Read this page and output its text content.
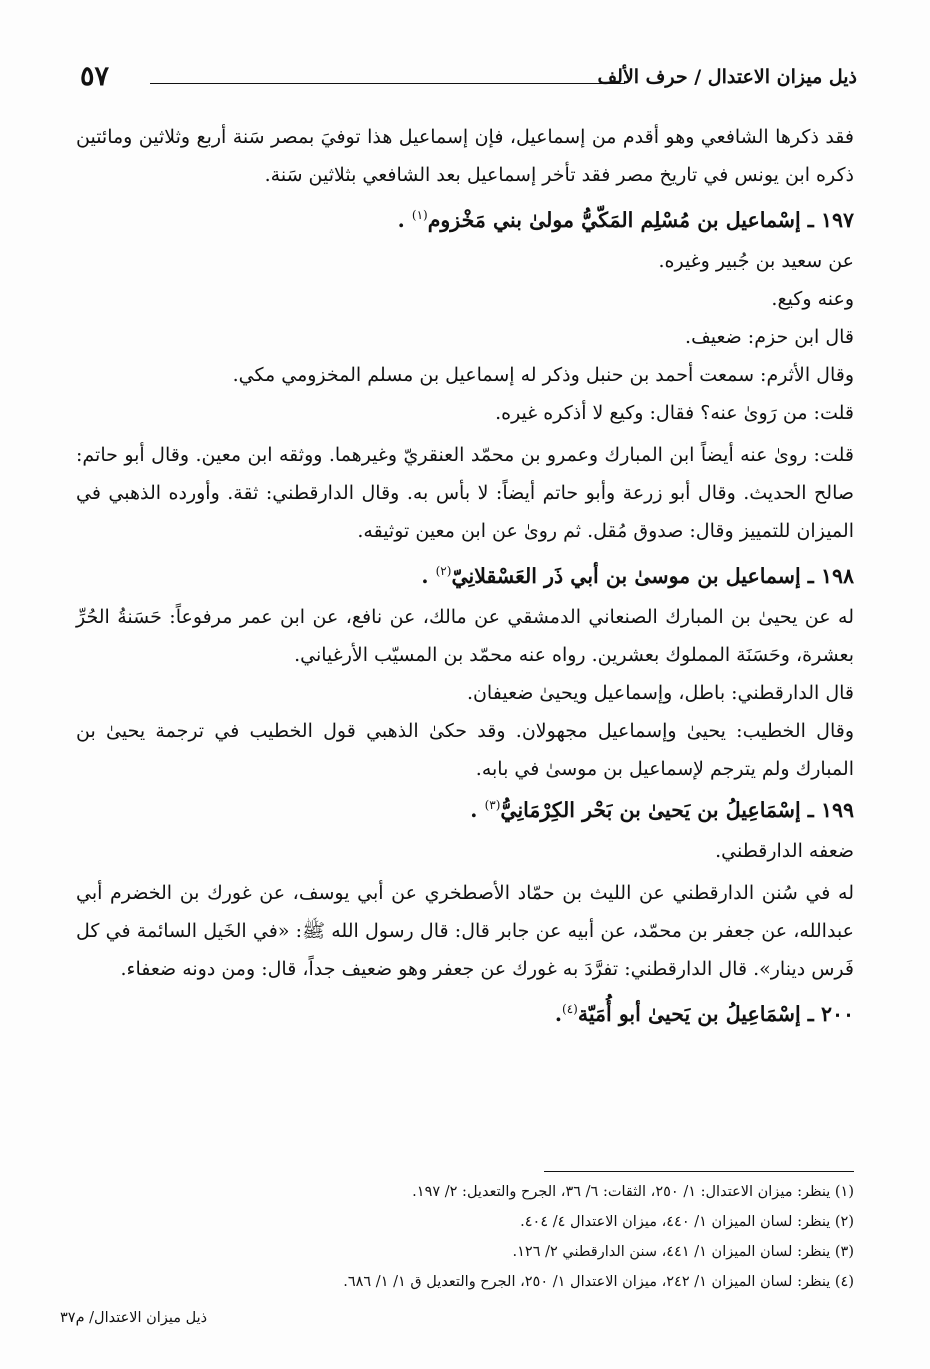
٥٧	ذيل ميزان الاعتدال / حرف الألف

فقد ذكرها الشافعي وهو أقدم من إسماعيل، فإن إسماعيل هذا توفيَ بمصر سَنة أربع وثلاثين ومائتين ذكره ابن يونس في تاريخ مصر فقد تأخر إسماعيل بعد الشافعي بثلاثين سَنة.

١٩٧ ـ إسْماعيل بن مُسْلِم المَكّيُّ مولىٰ بني مَخْزوم$^{(١)}$ .

عن سعيد بن جُبير وغيره.

وعنه وكيع.

قال ابن حزم: ضعيف.

وقال الأثرم: سمعت أحمد بن حنبل وذكر له إسماعيل بن مسلم المخزومي مكي.

قلت: من رَوىٰ عنه؟ فقال: وكيع لا أذكره غيره.

قلت: روىٰ عنه أيضاً ابن المبارك وعمرو بن محمّد العنقريّ وغيرهما. ووثقه ابن معين. وقال أبو حاتم: صالح الحديث. وقال أبو زرعة وأبو حاتم أيضاً: لا بأس به. وقال الدارقطني: ثقة. وأورده الذهبي في الميزان للتمييز وقال: صدوق مُقل. ثم روىٰ عن ابن معين توثيقه.

١٩٨ ـ إسماعيل بن موسىٰ بن أبي ذَر العَسْقلانِيّ$^{(٢)}$ .

له عن يحيىٰ بن المبارك الصنعاني الدمشقي عن مالك، عن نافع، عن ابن عمر مرفوعاً: حَسَنةُ الحُرِّ بعشرة، وحَسَنَة المملوك بعشرين. رواه عنه محمّد بن المسيّب الأرغياني.

قال الدارقطني: باطل، وإسماعيل ويحيىٰ ضعيفان.

وقال الخطيب: يحيىٰ وإسماعيل مجهولان. وقد حكىٰ الذهبي قول الخطيب في ترجمة يحيىٰ بن المبارك ولم يترجم لإسماعيل بن موسىٰ في بابه.

١٩٩ ـ إسْمَاعِيلُ بن يَحيىٰ بن بَحْر الكِرْمَانِيُّ$^{(٣)}$ .

ضعفه الدارقطني.

له في سُنن الدارقطني عن الليث بن حمّاد الأصطخري عن أبي يوسف، عن غورك بن الخضرم أبي عبدالله، عن جعفر بن محمّد، عن أبيه عن جابر قال: قال رسول الله ﷺ: «في الخَيل السائمة في كل فَرس دينار». قال الدارقطني: تفرَّدَ به غورك عن جعفر وهو ضعيف جداً، قال: ومن دونه ضعفاء.

٢٠٠ ـ إسْمَاعِيلُ بن يَحيىٰ أبو أُمَيّة$^{(٤)}$.

(١) ينظر: ميزان الاعتدال: ١/ ٢٥٠، الثقات: ٦/ ٣٦، الجرح والتعديل: ٢/ ١٩٧.

(٢) ينظر: لسان الميزان ١/ ٤٤٠، ميزان الاعتدال ٤/ ٤٠٤.

(٣) ينظر: لسان الميزان ١/ ٤٤١، سنن الدارقطني ٢/ ١٢٦.

(٤) ينظر: لسان الميزان ١/ ٢٤٢، ميزان الاعتدال ١/ ٢٥٠، الجرح والتعديل ق ١/ ١/ ٦٨٦.

ذيل ميزان الاعتدال/ م٣٧
